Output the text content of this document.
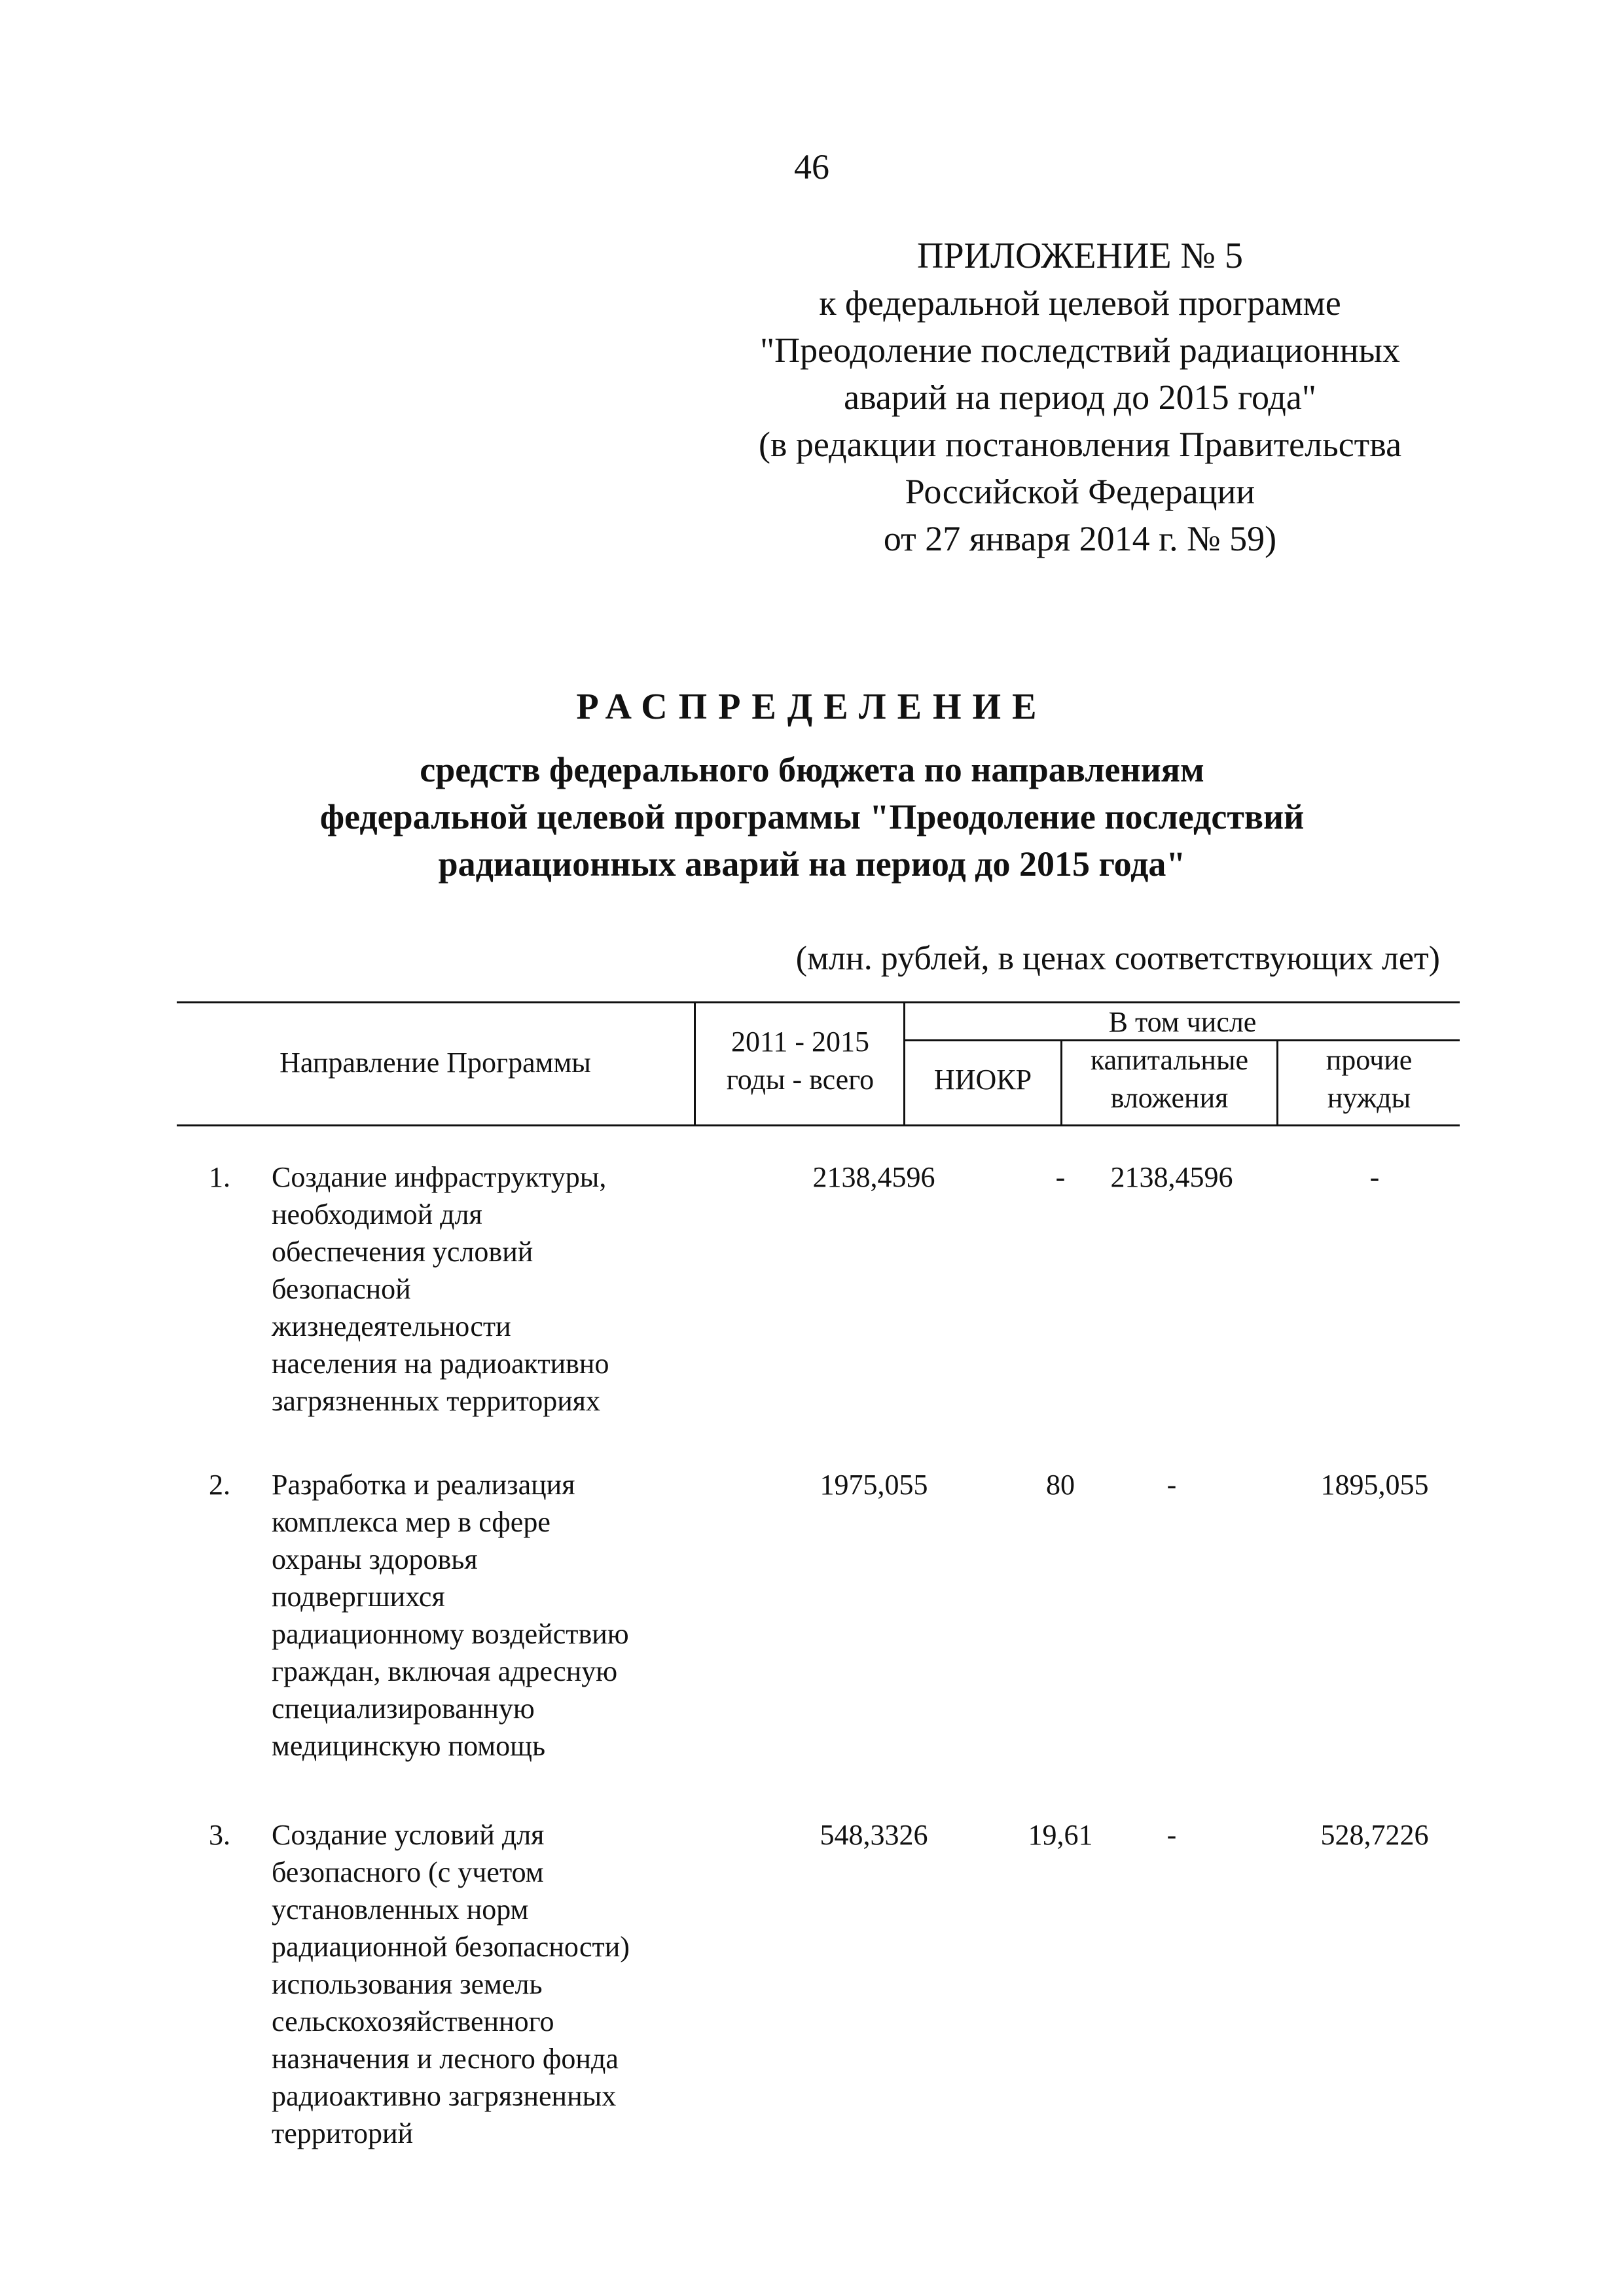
46
ПРИЛОЖЕНИЕ № 5
к федеральной целевой программе
"Преодоление последствий радиационных
аварий на период до 2015 года"
(в редакции постановления Правительства
Российской Федерации
от 27 января 2014 г. № 59)
РАСПРЕДЕЛЕНИЕ
средств федерального бюджета по направлениям
федеральной целевой программы "Преодоление последствий
радиационных аварий на период до 2015 года"
(млн. рублей, в ценах соответствующих лет)
Направление Программы
2011 - 2015
годы - всего
В том числе
НИОКР
капитальные
вложения
прочие
нужды
1. Создание инфраструктуры,
необходимой для
обеспечения условий
безопасной
жизнедеятельности
населения на радиоактивно
загрязненных территориях
2138,4596	-	2138,4596	-
2. Разработка и реализация
комплекса мер в сфере
охраны здоровья
подвергшихся
радиационному воздействию
граждан, включая адресную
специализированную
медицинскую помощь
1975,055	80	-	1895,055
3. Создание условий для
безопасного (с учетом
установленных норм
радиационной безопасности)
использования земель
сельскохозяйственного
назначения и лесного фонда
радиоактивно загрязненных
территорий
548,3326	19,61	-	528,7226
